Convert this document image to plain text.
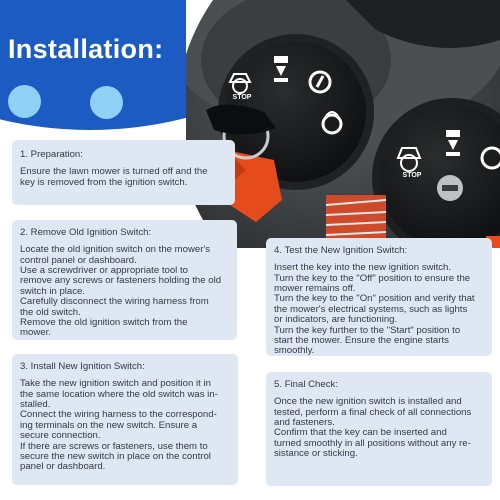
Installation:
STOP
STOP
1. Preparation:
Ensure the lawn mower is turned off and the
key is removed from the ignition switch.
2. Remove Old Ignition Switch:
Locate the old ignition switch on the mower's
control panel or dashboard.
Use a screwdriver or appropriate tool to
remove any screws or fasteners holding the old
switch in place.
Carefully disconnect the wiring harness from
the old switch.
Remove the old ignition switch from the
mower.
3. Install New Ignition Switch:
Take the new ignition switch and position it in
the same location where the old switch was in-
stalled.
Connect the wiring harness to the correspond-
ing terminals on the new switch. Ensure a
secure connection.
If there are screws or fasteners, use them to
secure the new switch in place on the control
panel or dashboard.
4. Test the New Ignition Switch:
Insert the key into the new ignition switch.
Turn the key to the "Off" position to ensure the
mower remains off.
Turn the key to the "On" position and verify that
the mower's electrical systems, such as lights
or indicators, are functioning.
Turn the key further to the "Start" position to
start the mower. Ensure the engine starts
smoothly.
5. Final Check:
Once the new ignition switch is installed and
tested, perform a final check of all connections
and fasteners.
Confirm that the key can be inserted and
turned smoothly in all positions without any re-
sistance or sticking.
